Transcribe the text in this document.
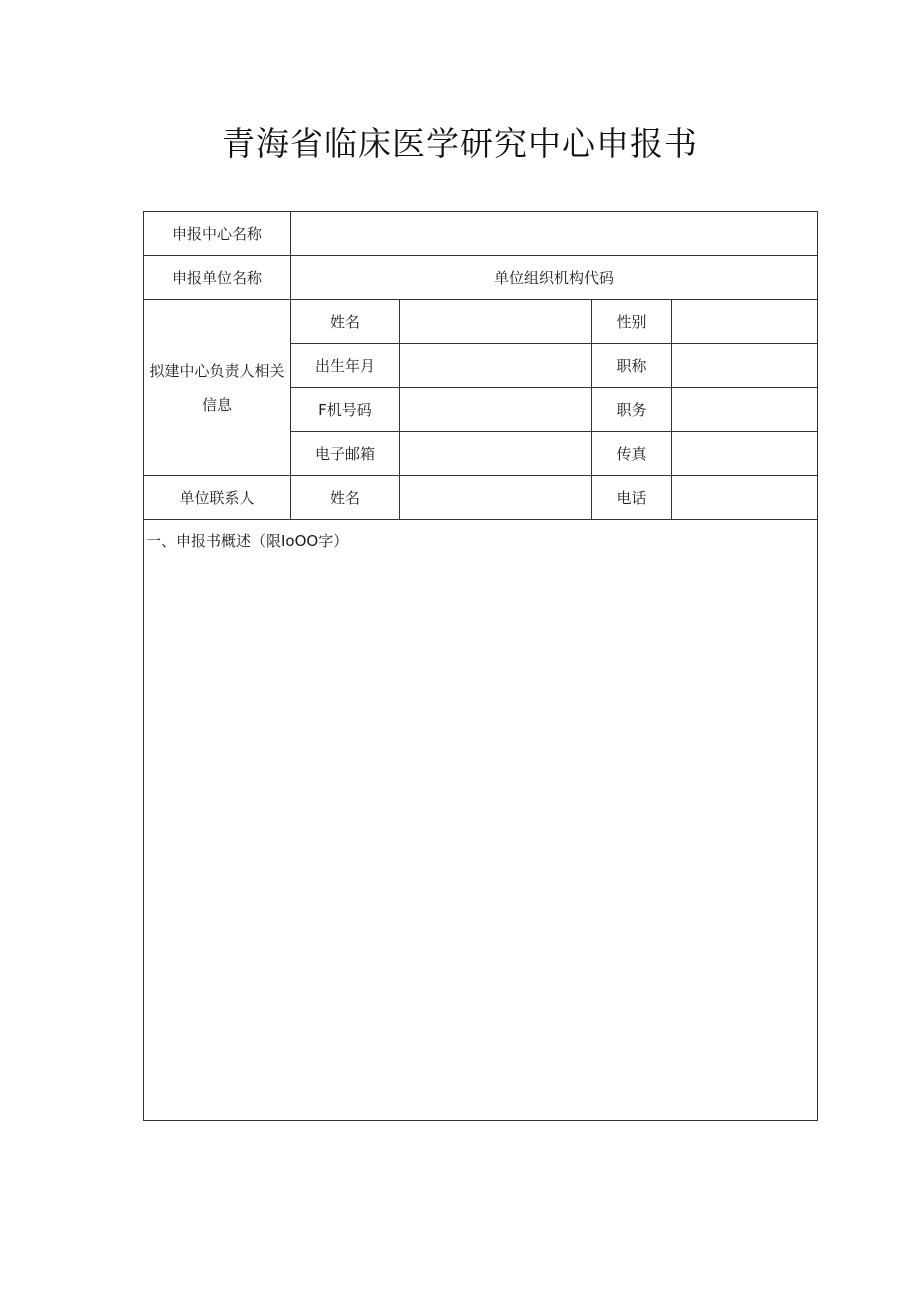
青海省临床医学研究中心申报书
申报中心名称				
申报单位名称	单位组织机构代码			
拟建中心负责人相关信息	姓名		性别	
	出生年月		职称	
	F机号码		职务	
	电子邮箱		传真	
单位联系人	姓名		电话	

一、申报书概述（限IoOO字）				
